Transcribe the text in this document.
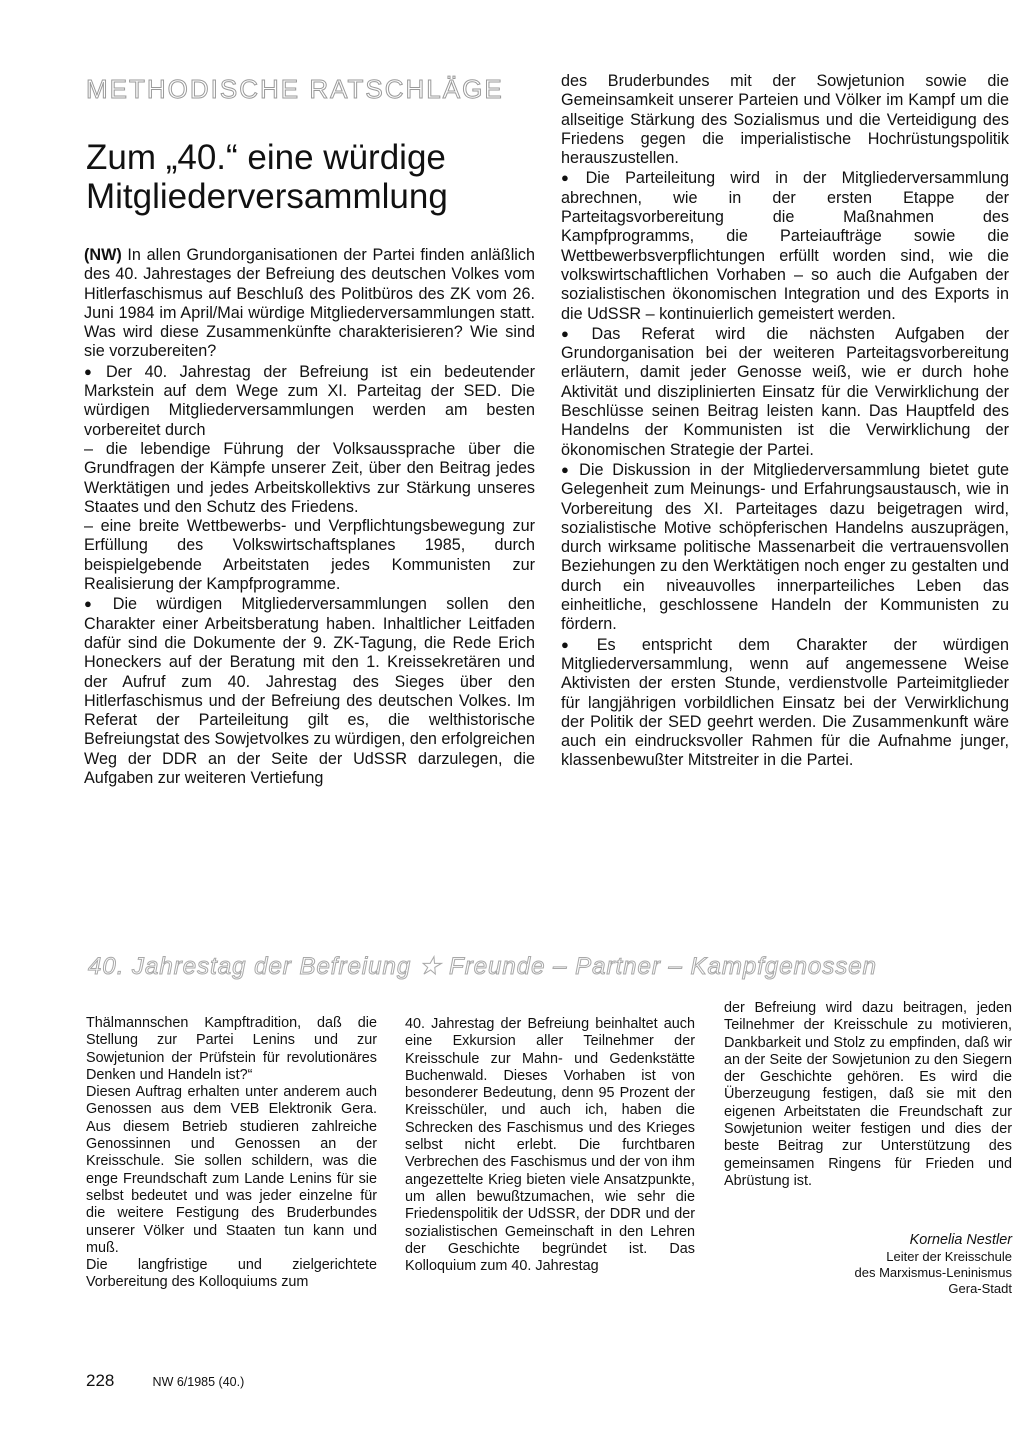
METHODISCHE RATSCHLÄGE
Zum „40.“ eine würdige Mitgliederversammlung

(NW) In allen Grundorganisationen der Partei finden anläßlich des 40. Jahrestages der Befreiung des deutschen Volkes vom Hitlerfaschismus auf Beschluß des Politbüros des ZK vom 26. Juni 1984 im April/Mai würdige Mitgliederversammlungen statt. Was wird diese Zusammenkünfte charakterisieren? Wie sind sie vorzubereiten?

● Der 40. Jahrestag der Befreiung ist ein bedeutender Markstein auf dem Wege zum XI. Parteitag der SED. Die würdigen Mitgliederversammlungen werden am besten vorbereitet durch

– die lebendige Führung der Volksaussprache über die Grundfragen der Kämpfe unserer Zeit, über den Beitrag jedes Werktätigen und jedes Arbeitskollektivs zur Stärkung unseres Staates und den Schutz des Friedens.

– eine breite Wettbewerbs- und Verpflichtungsbewegung zur Erfüllung des Volkswirtschaftsplanes 1985, durch beispielgebende Arbeitstaten jedes Kommunisten zur Realisierung der Kampfprogramme.

● Die würdigen Mitgliederversammlungen sollen den Charakter einer Arbeitsberatung haben. Inhaltlicher Leitfaden dafür sind die Dokumente der 9. ZK-Tagung, die Rede Erich Honeckers auf der Beratung mit den 1. Kreissekretären und der Aufruf zum 40. Jahrestag des Sieges über den Hitlerfaschismus und der Befreiung des deutschen Volkes. Im Referat der Parteileitung gilt es, die welthistorische Befreiungstat des Sowjetvolkes zu würdigen, den erfolgreichen Weg der DDR an der Seite der UdSSR darzulegen, die Aufgaben zur weiteren Vertiefung

des Bruderbundes mit der Sowjetunion sowie die Gemeinsamkeit unserer Parteien und Völker im Kampf um die allseitige Stärkung des Sozialismus und die Verteidigung des Friedens gegen die imperialistische Hochrüstungspolitik herauszustellen.

● Die Parteileitung wird in der Mitgliederversammlung abrechnen, wie in der ersten Etappe der Parteitagsvorbereitung die Maßnahmen des Kampfprogramms, die Parteiaufträge sowie die Wettbewerbsverpflichtungen erfüllt worden sind, wie die volkswirtschaftlichen Vorhaben – so auch die Aufgaben der sozialistischen ökonomischen Integration und des Exports in die UdSSR – kontinuierlich gemeistert werden.

● Das Referat wird die nächsten Aufgaben der Grundorganisation bei der weiteren Parteitagsvorbereitung erläutern, damit jeder Genosse weiß, wie er durch hohe Aktivität und disziplinierten Einsatz für die Verwirklichung der Beschlüsse seinen Beitrag leisten kann. Das Hauptfeld des Handelns der Kommunisten ist die Verwirklichung der ökonomischen Strategie der Partei.

● Die Diskussion in der Mitgliederversammlung bietet gute Gelegenheit zum Meinungs- und Erfahrungsaustausch, wie in Vorbereitung des XI. Parteitages dazu beigetragen wird, sozialistische Motive schöpferischen Handelns auszuprägen, durch wirksame politische Massenarbeit die vertrauensvollen Beziehungen zu den Werktätigen noch enger zu gestalten und durch ein niveauvolles innerparteiliches Leben das einheitliche, geschlossene Handeln der Kommunisten zu fördern.

● Es entspricht dem Charakter der würdigen Mitgliederversammlung, wenn auf angemessene Weise Aktivisten der ersten Stunde, verdienstvolle Parteimitglieder für langjährigen vorbildlichen Einsatz bei der Verwirklichung der Politik der SED geehrt werden. Die Zusammenkunft wäre auch ein eindrucksvoller Rahmen für die Aufnahme junger, klassenbewußter Mitstreiter in die Partei.

40. Jahrestag der Befreiung ★ Freunde – Partner – Kampfgenossen

Thälmannschen Kampftradition, daß die Stellung zur Partei Lenins und zur Sowjetunion der Prüfstein für revolutionäres Denken und Handeln ist?“

Diesen Auftrag erhalten unter anderem auch Genossen aus dem VEB Elektronik Gera. Aus diesem Betrieb studieren zahlreiche Genossinnen und Genossen an der Kreisschule. Sie sollen schildern, was die enge Freundschaft zum Lande Lenins für sie selbst bedeutet und was jeder einzelne für die weitere Festigung des Bruderbundes unserer Völker und Staaten tun kann und muß.

Die langfristige und zielgerichtete Vorbereitung des Kolloquiums zum

40. Jahrestag der Befreiung beinhaltet auch eine Exkursion aller Teilnehmer der Kreisschule zur Mahn- und Gedenkstätte Buchenwald. Dieses Vorhaben ist von besonderer Bedeutung, denn 95 Prozent der Kreisschüler, und auch ich, haben die Schrecken des Faschismus und des Krieges selbst nicht erlebt. Die furchtbaren Verbrechen des Faschismus und der von ihm angezettelte Krieg bieten viele Ansatzpunkte, um allen bewußtzumachen, wie sehr die Friedenspolitik der UdSSR, der DDR und der sozialistischen Gemeinschaft in den Lehren der Geschichte begründet ist. Das Kolloquium zum 40. Jahrestag

der Befreiung wird dazu beitragen, jeden Teilnehmer der Kreisschule zu motivieren, Dankbarkeit und Stolz zu empfinden, daß wir an der Seite der Sowjetunion zu den Siegern der Geschichte gehören. Es wird die Überzeugung festigen, daß sie mit den eigenen Arbeitstaten die Freundschaft zur Sowjetunion weiter festigen und dies der beste Beitrag zur Unterstützung des gemeinsamen Ringens für Frieden und Abrüstung ist.

Kornelia Nestler
Leiter der Kreisschule
des Marxismus-Leninismus
Gera-Stadt
228	NW 6/1985 (40.)
